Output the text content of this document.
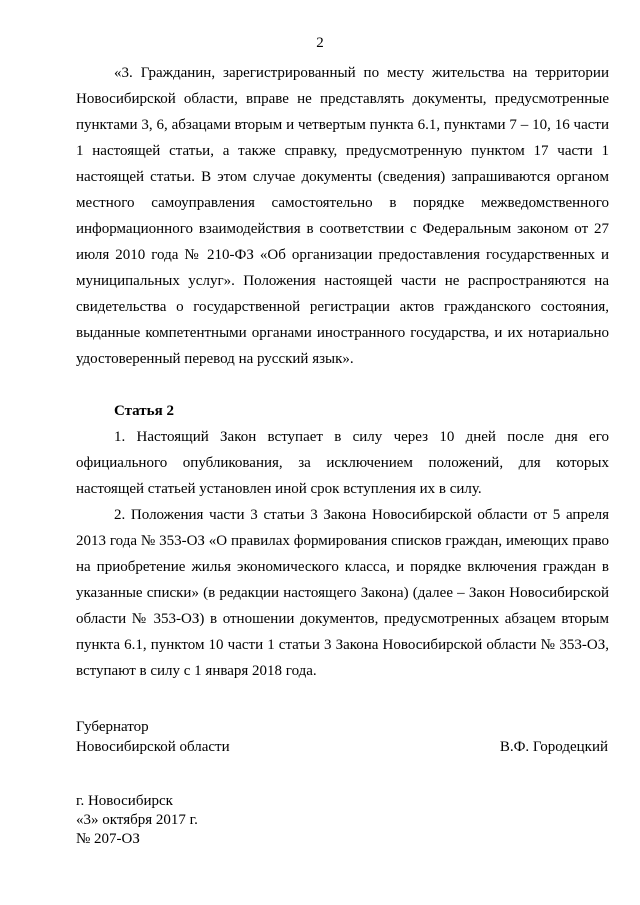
2

«3. Гражданин, зарегистрированный по месту жительства на территории Новосибирской области, вправе не представлять документы, предусмотренные пунктами 3, 6, абзацами вторым и четвертым пункта 6.1, пунктами 7 – 10, 16 части 1 настоящей статьи, а также справку, предусмотренную пунктом 17 части 1 настоящей статьи. В этом случае документы (сведения) запрашиваются органом местного самоуправления самостоятельно в порядке межведомственного информационного взаимодействия в соответствии с Федеральным законом от 27 июля 2010 года № 210-ФЗ «Об организации предоставления государственных и муниципальных услуг». Положения настоящей части не распространяются на свидетельства о государственной регистрации актов гражданского состояния, выданные компетентными органами иностранного государства, и их нотариально удостоверенный перевод на русский язык».

Статья 2

1. Настоящий Закон вступает в силу через 10 дней после дня его официального опубликования, за исключением положений, для которых настоящей статьей установлен иной срок вступления их в силу.

2. Положения части 3 статьи 3 Закона Новосибирской области от 5 апреля 2013 года № 353-ОЗ «О правилах формирования списков граждан, имеющих право на приобретение жилья экономического класса, и порядке включения граждан в указанные списки» (в редакции настоящего Закона) (далее – Закон Новосибирской области № 353-ОЗ) в отношении документов, предусмотренных абзацем вторым пункта 6.1, пунктом 10 части 1 статьи 3 Закона Новосибирской области № 353-ОЗ, вступают в силу с 1 января 2018 года.

Губернатор
Новосибирской области	В.Ф. Городецкий
г. Новосибирск
«3» октября 2017 г.
№ 207-ОЗ
